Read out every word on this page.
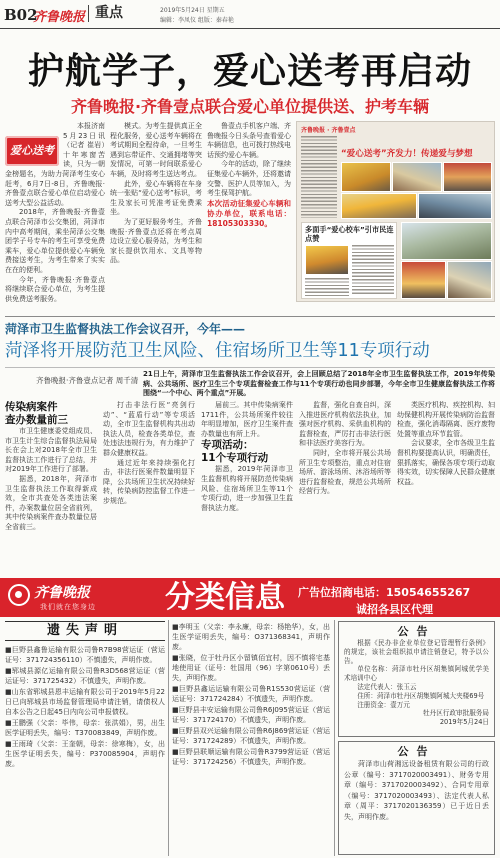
B02
齐鲁晚报 重点	2019年5月24日 星期五
编辑：李凤仪 组版：秦春艳
护航学子，爱心送考再启动
齐鲁晚报·齐鲁壹点联合爱心单位提供送、护考车辆
爱心送考

本报济南5月23日讯（记者 崔岩）十年寒窗苦读，只为一朝金榜题名，为助力菏泽考生安心赶考，6月7日-8日，齐鲁晚报·齐鲁壹点联合爱心单位启动爱心送考大型公益活动。

2018年，齐鲁晚报·齐鲁壹点联合菏泽市公交集团，菏泽市内中高考期间，乘坐菏泽公交集团学子号专车的考生可享受免费乘车，爱心单位提供爱心车辆免费接送考生，为考生带来了实实在在的便利。

今年，齐鲁晚报·齐鲁壹点将继续联合爱心单位，为考生提供免费送考服务。

模式。为考生提供真正全程化服务，爱心送考车辆将在考试期间全程待命，一旦考生遇到忘带证件、交通拥堵等突发情况，可第一时间联系爱心车辆，及时将考生送达考点。

此外，爱心车辆将在车身统一张贴“爱心送考”标识，考生及家长可凭准考证免费乘坐。

为了更好服务考生，齐鲁晚报·齐鲁壹点还将在考点周边设立爱心服务站，为考生和家长提供饮用水、文具等物品。

鲁壹点手机客户端、齐鲁晚报今日头条号查看爱心车辆信息，也可拨打热线电话预约爱心车辆。

今年的活动，除了继续征集爱心车辆外，还将邀请交警、医护人员等加入，为考生保驾护航。

本次活动征集爱心车辆和协办单位，联系电话：18105303330。

齐鲁晚报 · 齐鲁壹点
“爱心送考”齐发力！传递爱与梦想
多面手“爱心校车”引市民连点赞
菏泽市卫生监督执法工作会议召开，今年——
菏泽将开展防范卫生风险、住宿场所卫生等11专项行动
齐鲁晚报·齐鲁壹点记者 周千清
21日上午，菏泽市卫生监督执法工作会议召开，会上回顾总结了2018年全市卫生监督执法工作，2019年传染病、公共场所、医疗卫生三个专项监督检查工作与11个专项行动也同步部署，今年全市卫生健康监督执法工作将围绕“一个中心、两个重点”开展。

传染病案件
查办数量前三

市卫生健康委党组成员、市卫生计生综合监督执法局局长在会上对2018年全市卫生监督执法工作进行了总结，并对2019年工作进行了部署。

据悉，2018年，菏泽市卫生监督执法工作取得新成效，全市共查处各类违法案件，办案数量位居全省前列，其中传染病案件查办数量位居全省前三。

打击非法行医“亮剑行动”、“蓝盾行动”等专项活动，全市卫生监督机构共出动执法人员，检查各类单位，查处违法违规行为，有力维护了群众健康权益。

通过近年来持续强化打击，非法行医案件数量明显下降，公共场所卫生状况持续好转，传染病防控监督工作进一步规范。

届前三。其中传染病案件1711件，公共场所案件较往年明显增加，医疗卫生案件查办数量也有所上升。

专项活动：
11个专项行动

据悉，2019年菏泽市卫生监督机构将开展防范传染病风险、住宿场所卫生等11个专项行动，进一步加强卫生监督执法力度。

监督，强化自查自纠，深入推进医疗机构依法执业，加强对医疗机构、采供血机构的监督检查，严厉打击非法行医和非法医疗美容行为。

同时，全市将开展公共场所卫生专项整治，重点对住宿场所、游泳场所、沐浴场所等进行监督检查，规范公共场所经营行为。

类医疗机构、疾控机构、妇幼保健机构开展传染病防治监督检查，强化消毒隔离、医疗废物处置等重点环节监管。

会议要求，全市各级卫生监督机构要提高认识，明确责任，狠抓落实，确保各项专项行动取得实效，切实保障人民群众健康权益。

齐鲁晚报
我们就在您身边 分类信息 广告位招商电话：15054655267
诚招各县区代理
遗失声明

■巨野县鑫鲁运输有限公司鲁R7B98营运证（营运证号：371724356110）不慎遗失，声明作废。

■郓城县源亿运输有限公司鲁R3D568营运证（营运证号：371725432）不慎遗失，声明作废。

■山东省郓城县恩丰运输有限公司于2019年5月22日已向郓城县市场监督管理局申请注销，请债权人自本公告之日起45日内向公司申报债权。

■王鹏强（父亲：毕伟，母亲：张洪娟），男，出生医学证明丢失，编号：T370083849，声明作废。

■王雨琦（父亲：王奎朝，母亲：徐寒梅），女，出生医学证明丢失，编号：P370085904，声明作废。

■李明玉（父亲：李永廉，母亲：杨艳华），女，出生医学证明丢失，编号：O371368341，声明作废。

■张晓，位于牡丹区小留镇佰宜村，因不慎将宅基地使用证（证号：牡国用（96）字第0610号）丢失，声明作废。

■巨野县鑫运运输有限公司鲁R1S530营运证（营运证号：371724284）不慎遗失，声明作废。

■巨野县丰安运输有限公司鲁R6J095营运证（营运证号：371724170）不慎遗失，声明作废。

■巨野县双兴运输有限公司鲁R6J869营运证（营运证号：371724289）不慎遗失，声明作废。

■巨野县联顺运输有限公司鲁R3799营运证（营运证号：371724256）不慎遗失，声明作废。

公告

根据《民办非企业单位登记管理暂行条例》的规定，该社会组织拟申请注销登记，特予以公告。

单位名称：菏泽市牡丹区胡集镇阿城优学美术培训中心

法定代表人：张玉云

住所：菏泽市牡丹区胡集镇阿城大夹楼69号

注册资金：壹万元

牡丹区行政审批服务局

2019年5月24日

公告

菏泽市山荷湘远设备租赁有限公司的行政公章（编号：3717020003491）、财务专用章（编号：3717020003492）、合同专用章（编号：3717020003493）、法定代表人私章（周平：3717020136359）已于近日丢失，声明作废。
